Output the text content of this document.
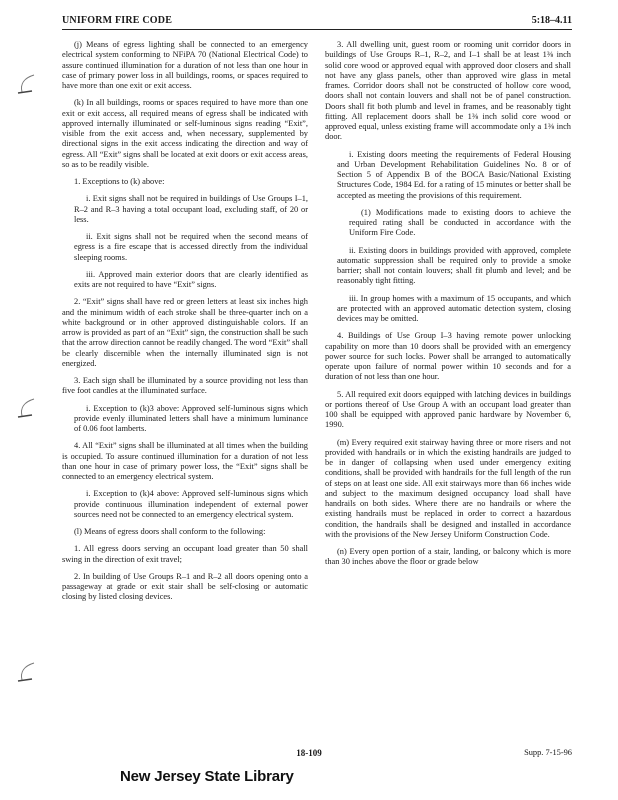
UNIFORM FIRE CODE	5:18–4.11

(j) Means of egress lighting shall be connected to an emergency electrical system conforming to NFiPA 70 (National Electrical Code) to assure continued illumination for a duration of not less than one hour in case of primary power loss in all buildings, rooms, or spaces required to have more than one exit or exit access.

(k) In all buildings, rooms or spaces required to have more than one exit or exit access, all required means of egress shall be indicated with approved internally illuminated or self-luminous signs reading “Exit”, visible from the exit access and, when necessary, supplemented by directional signs in the exit access indicating the direction and way of egress. All “Exit” signs shall be located at exit doors or exit access areas, so as to be readily visible.

1. Exceptions to (k) above:

i. Exit signs shall not be required in buildings of Use Groups I–1, R–2 and R–3 having a total occupant load, excluding staff, of 20 or less.

ii. Exit signs shall not be required when the second means of egress is a fire escape that is accessed directly from the individual sleeping rooms.

iii. Approved main exterior doors that are clearly identified as exits are not required to have “Exit” signs.

2. “Exit” signs shall have red or green letters at least six inches high and the minimum width of each stroke shall be three-quarter inch on a white background or in other approved distinguishable colors. If an arrow is provided as part of an “Exit” sign, the construction shall be such that the arrow direction cannot be readily changed. The word “Exit” shall be clearly discernible when the internally illuminated sign is not energized.

3. Each sign shall be illuminated by a source providing not less than five foot candles at the illuminated surface.

i. Exception to (k)3 above: Approved self-luminous signs which provide evenly illuminated letters shall have a minimum luminance of 0.06 foot lamberts.

4. All “Exit” signs shall be illuminated at all times when the building is occupied. To assure continued illumination for a duration of not less than one hour in case of primary power loss, the “Exit” signs shall be connected to an emergency electrical system.

i. Exception to (k)4 above: Approved self-luminous signs which provide continuous illumination independent of external power sources need not be connected to an emergency electrical system.

(l) Means of egress doors shall conform to the following:

1. All egress doors serving an occupant load greater than 50 shall swing in the direction of exit travel;

2. In building of Use Groups R–1 and R–2 all doors opening onto a passageway at grade or exit stair shall be self-closing or automatic closing by listed closing devices.

3. All dwelling unit, guest room or rooming unit corridor doors in buildings of Use Groups R–1, R–2, and I–1 shall be at least 1⅜ inch solid core wood or approved equal with approved door closers and shall not have any glass panels, other than approved wire glass in metal frames. Corridor doors shall not be constructed of hollow core wood, doors shall not contain louvers and shall not be of panel construction. Doors shall fit both plumb and level in frames, and be reasonably tight fitting. All replacement doors shall be 1⅜ inch solid core wood or approved equal, unless existing frame will accommodate only a 1⅜ inch door.

i. Existing doors meeting the requirements of Federal Housing and Urban Development Rehabilitation Guidelines No. 8 or of Section 5 of Appendix B of the BOCA Basic/National Existing Structures Code, 1984 Ed. for a rating of 15 minutes or better shall be accepted as meeting the provisions of this requirement.

(1) Modifications made to existing doors to achieve the required rating shall be conducted in accordance with the Uniform Fire Code.

ii. Existing doors in buildings provided with approved, complete automatic suppression shall be required only to provide a smoke barrier; shall not contain louvers; shall fit plumb and level; and be reasonably tight fitting.

iii. In group homes with a maximum of 15 occupants, and which are protected with an approved automatic detection system, closing devices may be omitted.

4. Buildings of Use Group I–3 having remote power unlocking capability on more than 10 doors shall be provided with an emergency power source for such locks. Power shall be arranged to automatically operate upon failure of normal power within 10 seconds and for a duration of not less than one hour.

5. All required exit doors equipped with latching devices in buildings or portions thereof of Use Group A with an occupant load greater than 100 shall be equipped with approved panic hardware by November 6, 1990.

(m) Every required exit stairway having three or more risers and not provided with handrails or in which the existing handrails are judged to be in danger of collapsing when used under emergency exiting conditions, shall be provided with handrails for the full length of the run of steps on at least one side. All exit stairways more than 66 inches wide and subject to the maximum designed occupancy load shall have handrails on both sides. Where there are no handrails or where the existing handrails must be replaced in order to correct a hazardous condition, the handrails shall be designed and installed in accordance with the provisions of the New Jersey Uniform Construction Code.

(n) Every open portion of a stair, landing, or balcony which is more than 30 inches above the floor or grade below

18-109	Supp. 7-15-96
New Jersey State Library
